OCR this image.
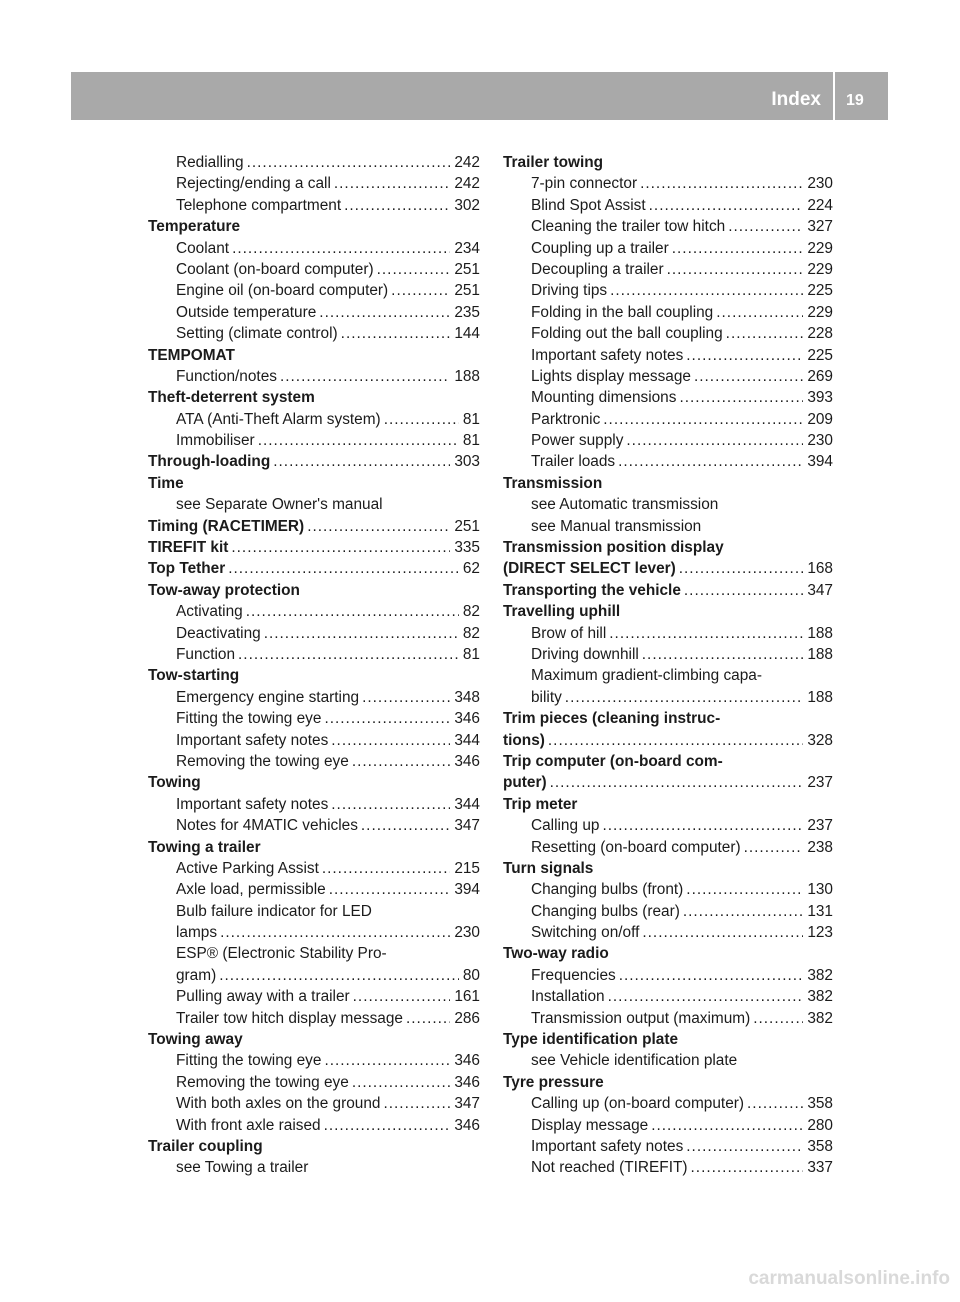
Index 19
Redialling .....	242
Rejecting/ending a call .....	242
Telephone compartment .....	302
Temperature
Coolant .....	234
Coolant (on-board computer) .....	251
Engine oil (on-board computer) .....	251
Outside temperature .....	235
Setting (climate control) .....	144
TEMPOMAT
Function/notes .....	188
Theft-deterrent system
ATA (Anti-Theft Alarm system) .....	81
Immobiliser .....	81
Through-loading .....	303
Time
see Separate Owner's manual
Timing (RACETIMER) .....	251
TIREFIT kit .....	335
Top Tether .....	62
Tow-away protection
Activating .....	82
Deactivating .....	82
Function .....	81
Tow-starting
Emergency engine starting .....	348
Fitting the towing eye .....	346
Important safety notes .....	344
Removing the towing eye .....	346
Towing
Important safety notes .....	344
Notes for 4MATIC vehicles .....	347
Towing a trailer
Active Parking Assist .....	215
Axle load, permissible .....	394
Bulb failure indicator for LED
lamps .....	230
ESP® (Electronic Stability Pro-
gram) .....	80
Pulling away with a trailer .....	161
Trailer tow hitch display message .....	286
Towing away
Fitting the towing eye .....	346
Removing the towing eye .....	346
With both axles on the ground .....	347
With front axle raised .....	346
Trailer coupling
see Towing a trailer
Trailer towing
7-pin connector .....	230
Blind Spot Assist .....	224
Cleaning the trailer tow hitch .....	327
Coupling up a trailer .....	229
Decoupling a trailer .....	229
Driving tips .....	225
Folding in the ball coupling .....	229
Folding out the ball coupling .....	228
Important safety notes .....	225
Lights display message .....	269
Mounting dimensions .....	393
Parktronic .....	209
Power supply .....	230
Trailer loads .....	394
Transmission
see Automatic transmission
see Manual transmission
Transmission position display
(DIRECT SELECT lever) .....	168
Transporting the vehicle .....	347
Travelling uphill
Brow of hill .....	188
Driving downhill .....	188
Maximum gradient-climbing capa-
bility .....	188
Trim pieces (cleaning instruc-
tions) .....	328
Trip computer (on-board com-
puter) .....	237
Trip meter
Calling up .....	237
Resetting (on-board computer) .....	238
Turn signals
Changing bulbs (front) .....	130
Changing bulbs (rear) .....	131
Switching on/off .....	123
Two-way radio
Frequencies .....	382
Installation .....	382
Transmission output (maximum) .....	382
Type identification plate
see Vehicle identification plate
Tyre pressure
Calling up (on-board computer) .....	358
Display message .....	280
Important safety notes .....	358
Not reached (TIREFIT) .....	337
carmanualsonline.info
